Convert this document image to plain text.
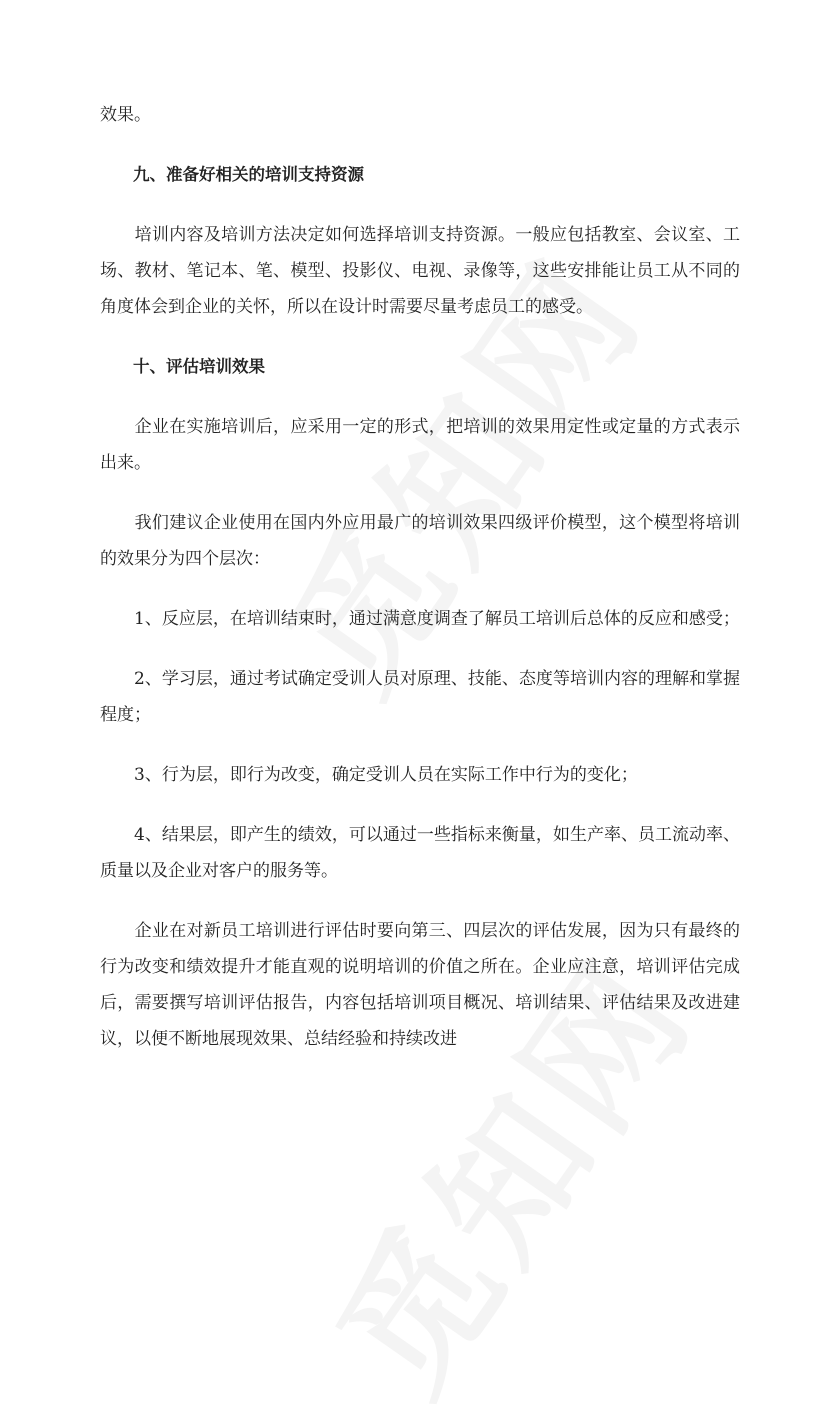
效果。
　　九、准备好相关的培训支持资源
　　培训内容及培训方法决定如何选择培训支持资源。一般应包括教室、会议室、工
场、教材、笔记本、笔、模型、投影仪、电视、录像等，这些安排能让员工从不同的
角度体会到企业的关怀，所以在设计时需要尽量考虑员工的感受。
　　十、评估培训效果
　　企业在实施培训后，应采用一定的形式，把培训的效果用定性或定量的方式表示
出来。
　　我们建议企业使用在国内外应用最广的培训效果四级评价模型，这个模型将培训
的效果分为四个层次：
　　1、反应层，在培训结束时，通过满意度调查了解员工培训后总体的反应和感受；
　　2、学习层，通过考试确定受训人员对原理、技能、态度等培训内容的理解和掌握
程度；
　　3、行为层，即行为改变，确定受训人员在实际工作中行为的变化；
　　4、结果层，即产生的绩效，可以通过一些指标来衡量，如生产率、员工流动率、
质量以及企业对客户的服务等。
　　企业在对新员工培训进行评估时要向第三、四层次的评估发展，因为只有最终的
行为改变和绩效提升才能直观的说明培训的价值之所在。企业应注意，培训评估完成
后，需要撰写培训评估报告，内容包括培训项目概况、培训结果、评估结果及改进建
议，以便不断地展现效果、总结经验和持续改进
